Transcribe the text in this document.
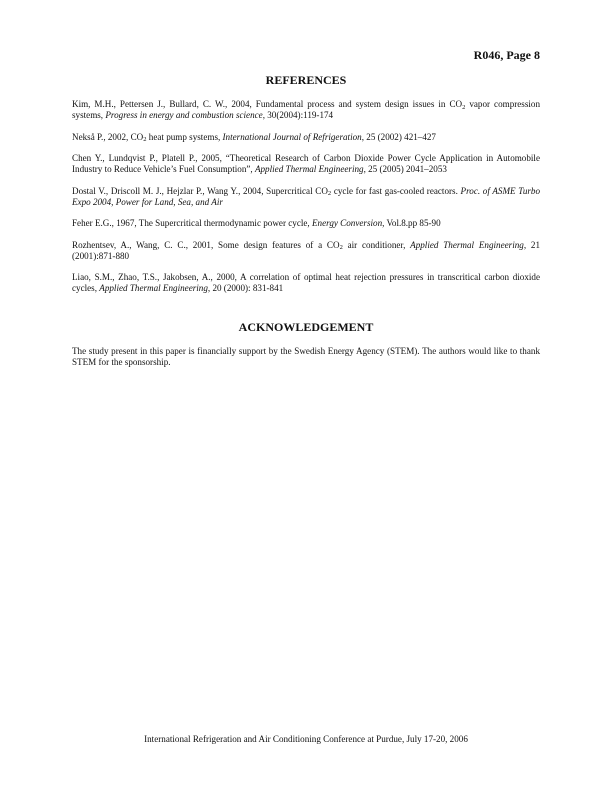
R046, Page 8
REFERENCES
Kim, M.H., Pettersen J., Bullard, C. W., 2004, Fundamental process and system design issues in $CO_2$ vapor compression systems, Progress in energy and combustion science, 30(2004):119-174
Nekså P., 2002, $CO_2$ heat pump systems, International Journal of Refrigeration, 25 (2002) 421–427
Chen Y., Lundqvist P., Platell P., 2005, “Theoretical Research of Carbon Dioxide Power Cycle Application in Automobile Industry to Reduce Vehicle’s Fuel Consumption”, Applied Thermal Engineering, 25 (2005) 2041–2053
Dostal V., Driscoll M. J., Hejzlar P., Wang Y., 2004, Supercritical $CO_2$ cycle for fast gas-cooled reactors. Proc. of ASME Turbo Expo 2004, Power for Land, Sea, and Air
Feher E.G., 1967, The Supercritical thermodynamic power cycle, Energy Conversion, Vol.8.pp 85-90
Rozhentsev, A., Wang, C. C., 2001, Some design features of a $CO_2$ air conditioner, Applied Thermal Engineering, 21 (2001):871-880
Liao, S.M., Zhao, T.S., Jakobsen, A., 2000, A correlation of optimal heat rejection pressures in transcritical carbon dioxide cycles, Applied Thermal Engineering, 20 (2000): 831-841
ACKNOWLEDGEMENT

The study present in this paper is financially support by the Swedish Energy Agency (STEM). The authors would like to thank STEM for the sponsorship.

International Refrigeration and Air Conditioning Conference at Purdue, July 17-20, 2006
